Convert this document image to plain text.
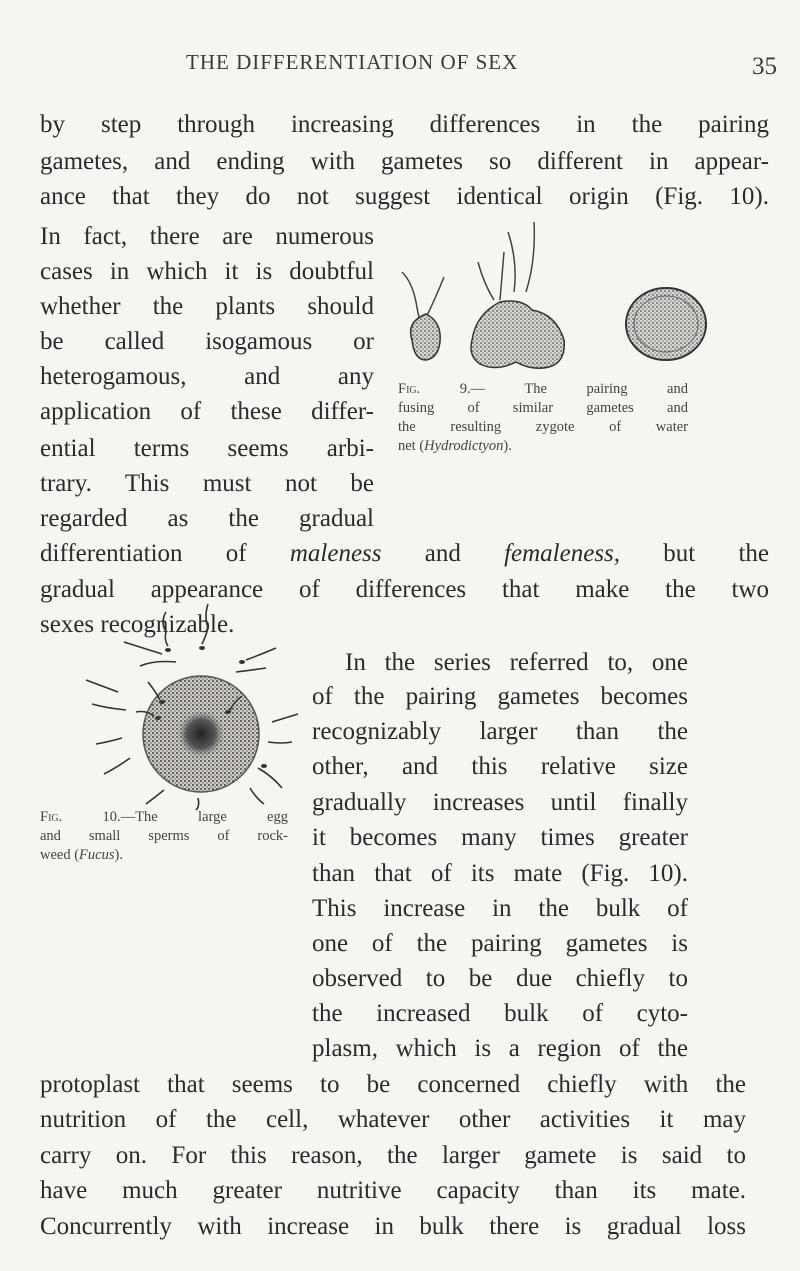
THE DIFFERENTIATION OF SEX	35
by step through increasing differences in the pairing
gametes, and ending with gametes so different in appear-
ance that they do not suggest identical origin (Fig. 10).
In fact, there are numerous
cases in which it is doubtful
whether the plants should
be called isogamous or
heterogamous, and any
application of these differ-
ential terms seems arbi-
trary. This must not be
regarded as the gradual
differentiation of maleness and femaleness, but the
gradual appearance of differences that make the two
sexes recognizable.
In the series referred to, one
of the pairing gametes becomes
recognizably larger than the
other, and this relative size
gradually increases until finally
it becomes many times greater
than that of its mate (Fig. 10).
This increase in the bulk of
one of the pairing gametes is
observed to be due chiefly to
the increased bulk of cyto-
plasm, which is a region of the
protoplast that seems to be concerned chiefly with the
nutrition of the cell, whatever other activities it may
carry on. For this reason, the larger gamete is said to
have much greater nutritive capacity than its mate.
Concurrently with increase in bulk there is gradual loss
Fig. 9.— The pairing and
fusing of similar gametes and
the resulting zygote of water
net (Hydrodictyon).
Fig. 10.—The large egg
and small sperms of rock-
weed (Fucus).
